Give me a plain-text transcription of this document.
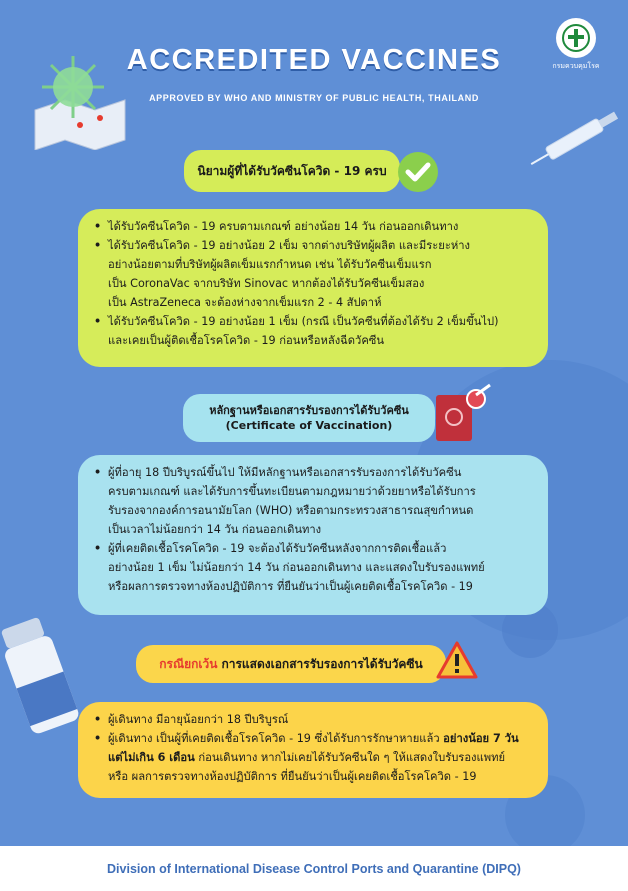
กรมควบคุมโรค
ACCREDITED VACCINES
APPROVED BY WHO AND MINISTRY OF PUBLIC HEALTH, THAILAND
นิยามผู้ที่ได้รับวัคซีนโควิด - 19 ครบ
• ได้รับวัคซีนโควิด - 19 ครบตามเกณฑ์ อย่างน้อย 14 วัน ก่อนออกเดินทาง
• ได้รับวัคซีนโควิด - 19 อย่างน้อย 2 เข็ม จากต่างบริษัทผู้ผลิต และมีระยะห่าง
อย่างน้อยตามที่บริษัทผู้ผลิตเข็มแรกกำหนด เช่น ได้รับวัคซีนเข็มแรก
เป็น CoronaVac จากบริษัท Sinovac หากต้องได้รับวัคซีนเข็มสอง
เป็น AstraZeneca จะต้องห่างจากเข็มแรก 2 - 4 สัปดาห์
• ได้รับวัคซีนโควิด - 19 อย่างน้อย 1 เข็ม (กรณี เป็นวัคซีนที่ต้องได้รับ 2 เข็มขึ้นไป)
และเคยเป็นผู้ติดเชื้อโรคโควิด - 19 ก่อนหรือหลังฉีดวัคซีน
หลักฐานหรือเอกสารรับรองการได้รับวัคซีน
(Certificate of Vaccination)
• ผู้ที่อายุ 18 ปีบริบูรณ์ขึ้นไป ให้มีหลักฐานหรือเอกสารรับรองการได้รับวัคซีน
ครบตามเกณฑ์ และได้รับการขึ้นทะเบียนตามกฎหมายว่าด้วยยาหรือได้รับการ
รับรองจากองค์การอนามัยโลก (WHO) หรือตามกระทรวงสาธารณสุขกำหนด
เป็นเวลาไม่น้อยกว่า 14 วัน ก่อนออกเดินทาง
• ผู้ที่เคยติดเชื้อโรคโควิด - 19 จะต้องได้รับวัคซีนหลังจากการติดเชื้อแล้ว
อย่างน้อย 1 เข็ม ไม่น้อยกว่า 14 วัน ก่อนออกเดินทาง และแสดงใบรับรองแพทย์
หรือผลการตรวจทางห้องปฏิบัติการ ที่ยืนยันว่าเป็นผู้เคยติดเชื้อโรคโควิด - 19
กรณียกเว้น การแสดงเอกสารรับรองการได้รับวัคซีน
• ผู้เดินทาง มีอายุน้อยกว่า 18 ปีบริบูรณ์
• ผู้เดินทาง เป็นผู้ที่เคยติดเชื้อโรคโควิด - 19 ซึ่งได้รับการรักษาหายแล้ว อย่างน้อย 7 วัน
แต่ไม่เกิน 6 เดือน ก่อนเดินทาง หากไม่เคยได้รับวัคซีนใด ๆ ให้แสดงใบรับรองแพทย์
หรือ ผลการตรวจทางห้องปฏิบัติการ ที่ยืนยันว่าเป็นผู้เคยติดเชื้อโรคโควิด - 19
Division of International Disease Control Ports and Quarantine (DIPQ)
